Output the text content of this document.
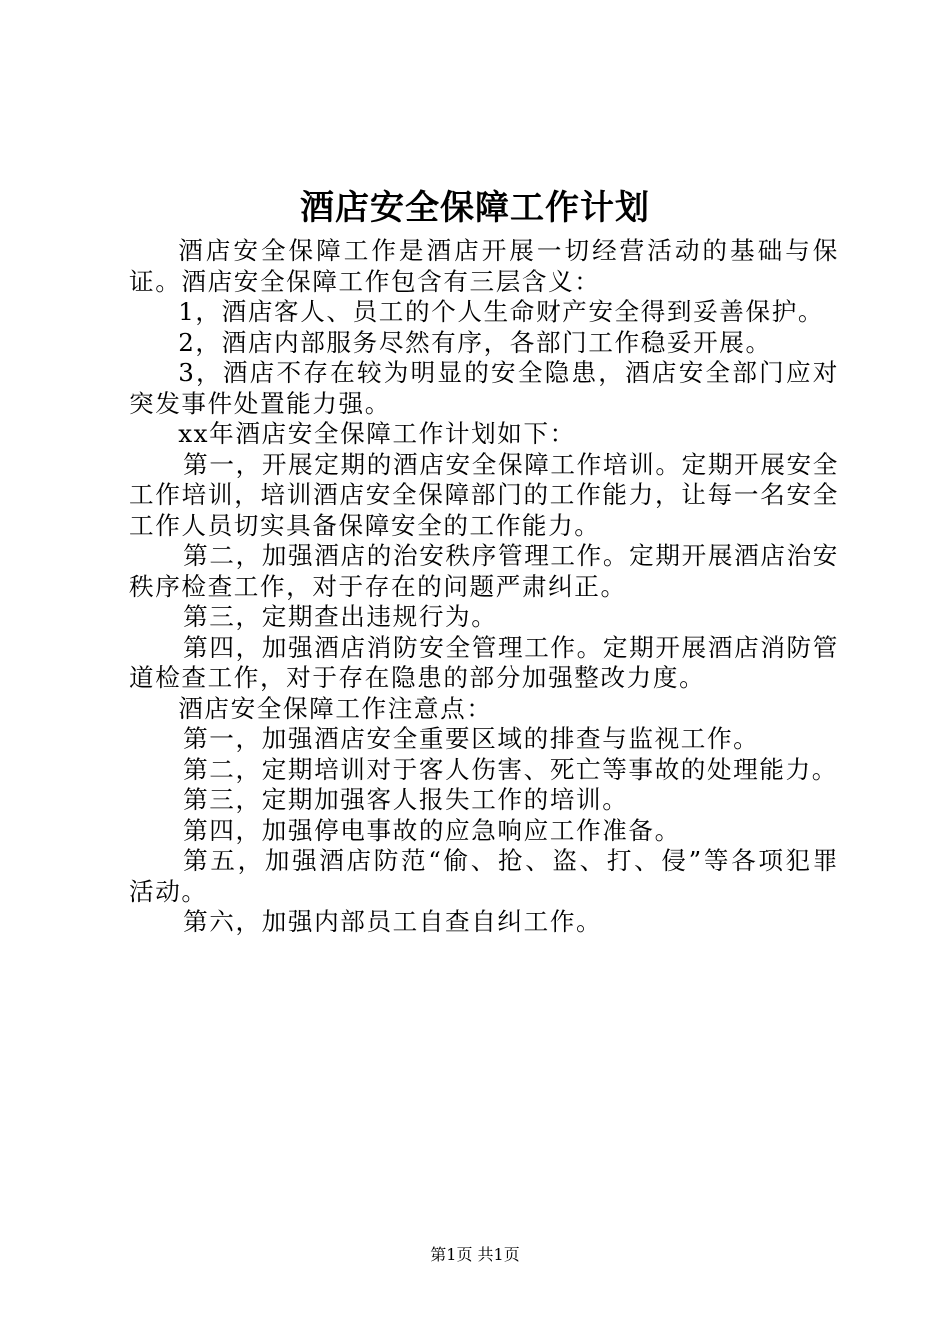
酒店安全保障工作计划

酒店安全保障工作是酒店开展一切经营活动的基础与保证。酒店安全保障工作包含有三层含义：

1，酒店客人、员工的个人生命财产安全得到妥善保护。

2，酒店内部服务尽然有序，各部门工作稳妥开展。

3，酒店不存在较为明显的安全隐患，酒店安全部门应对突发事件处置能力强。

xx年酒店安全保障工作计划如下：

第一，开展定期的酒店安全保障工作培训。定期开展安全工作培训，培训酒店安全保障部门的工作能力，让每一名安全工作人员切实具备保障安全的工作能力。

第二，加强酒店的治安秩序管理工作。定期开展酒店治安秩序检查工作，对于存在的问题严肃纠正。

第三，定期查出违规行为。

第四，加强酒店消防安全管理工作。定期开展酒店消防管道检查工作，对于存在隐患的部分加强整改力度。

酒店安全保障工作注意点：

第一，加强酒店安全重要区域的排查与监视工作。

第二，定期培训对于客人伤害、死亡等事故的处理能力。

第三，定期加强客人报失工作的培训。

第四，加强停电事故的应急响应工作准备。

第五，加强酒店防范“偷、抢、盗、打、侵”等各项犯罪活动。

第六，加强内部员工自查自纠工作。

第1页 共1页
